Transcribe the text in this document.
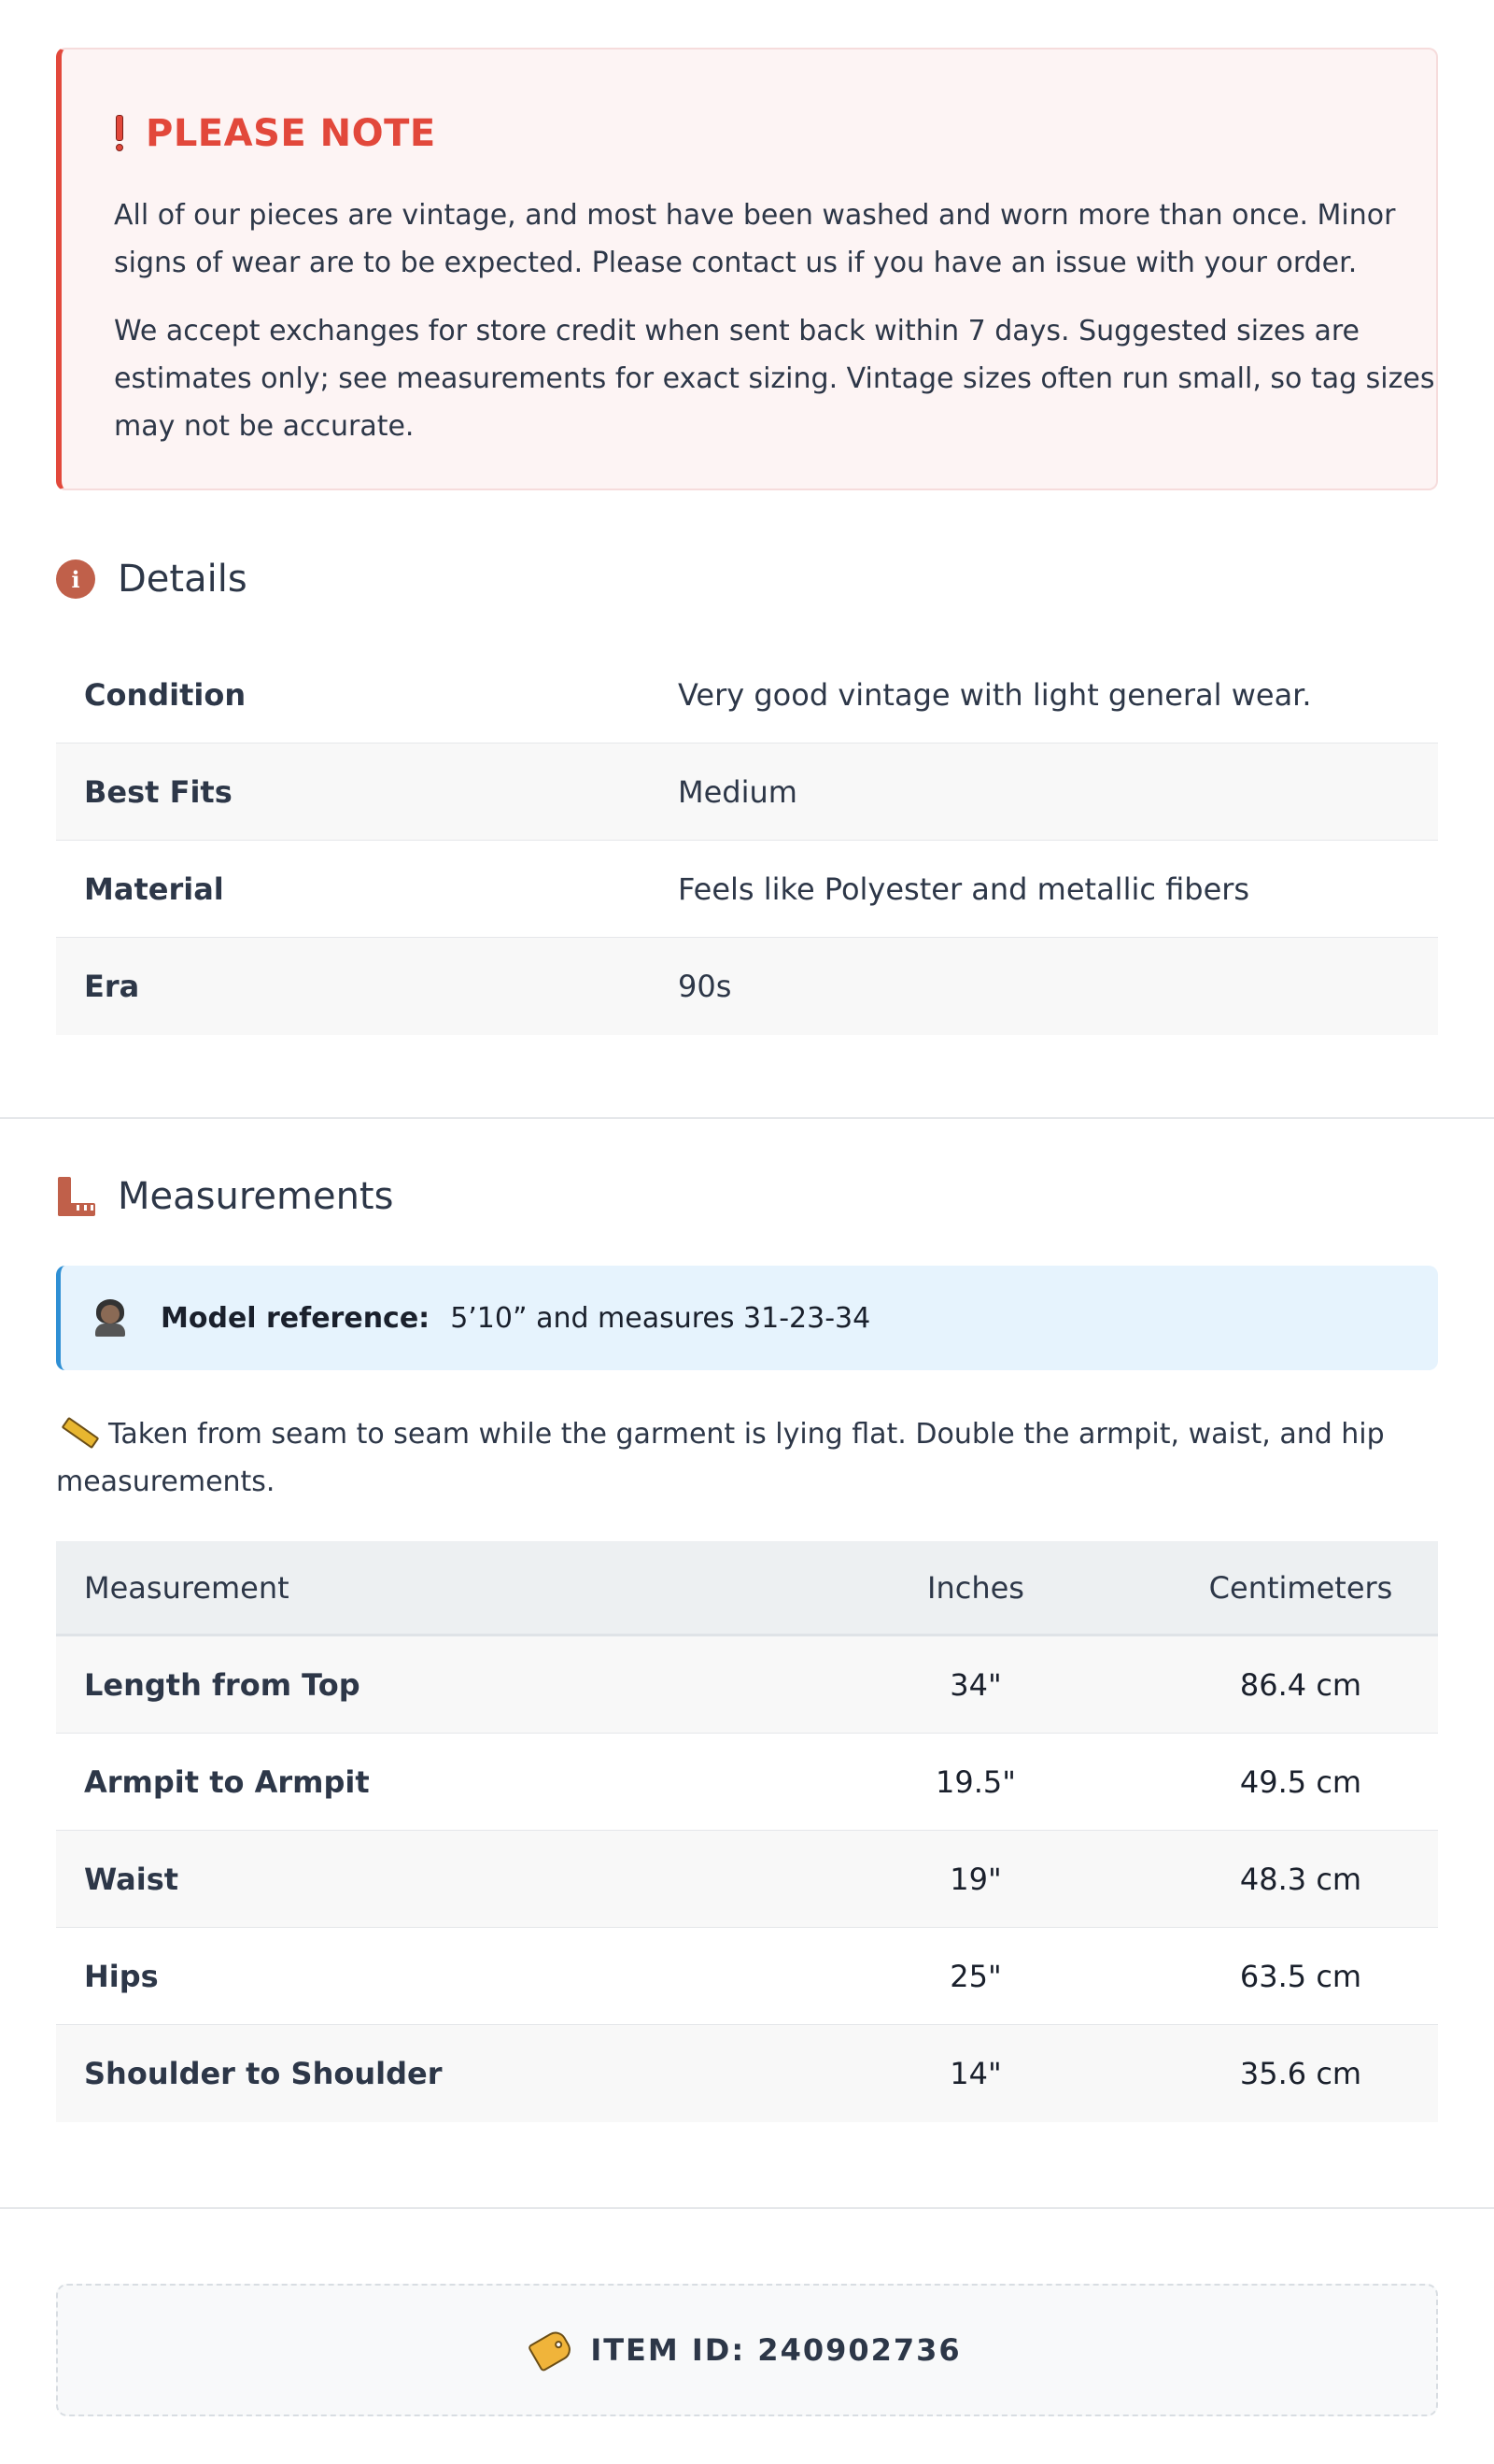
PLEASE NOTE

All of our pieces are vintage, and most have been washed and worn more than once. Minor signs of wear are to be expected. Please contact us if you have an issue with your order.

We accept exchanges for store credit when sent back within 7 days. Suggested sizes are estimates only; see measurements for exact sizing. Vintage sizes often run small, so tag sizes may not be accurate.

i	Details
Condition	Very good vintage with light general wear.
Best Fits	Medium
Material	Feels like Polyester and metallic fibers
Era	90s
Measurements
Model reference: 5’10” and measures 31-23-34
Taken from seam to seam while the garment is lying flat. Double the armpit, waist, and hip measurements.
Measurement	Inches	Centimeters
Length from Top	34"	86.4 cm
Armpit to Armpit	19.5"	49.5 cm
Waist	19"	48.3 cm
Hips	25"	63.5 cm
Shoulder to Shoulder	14"	35.6 cm
ITEM ID: 240902736
